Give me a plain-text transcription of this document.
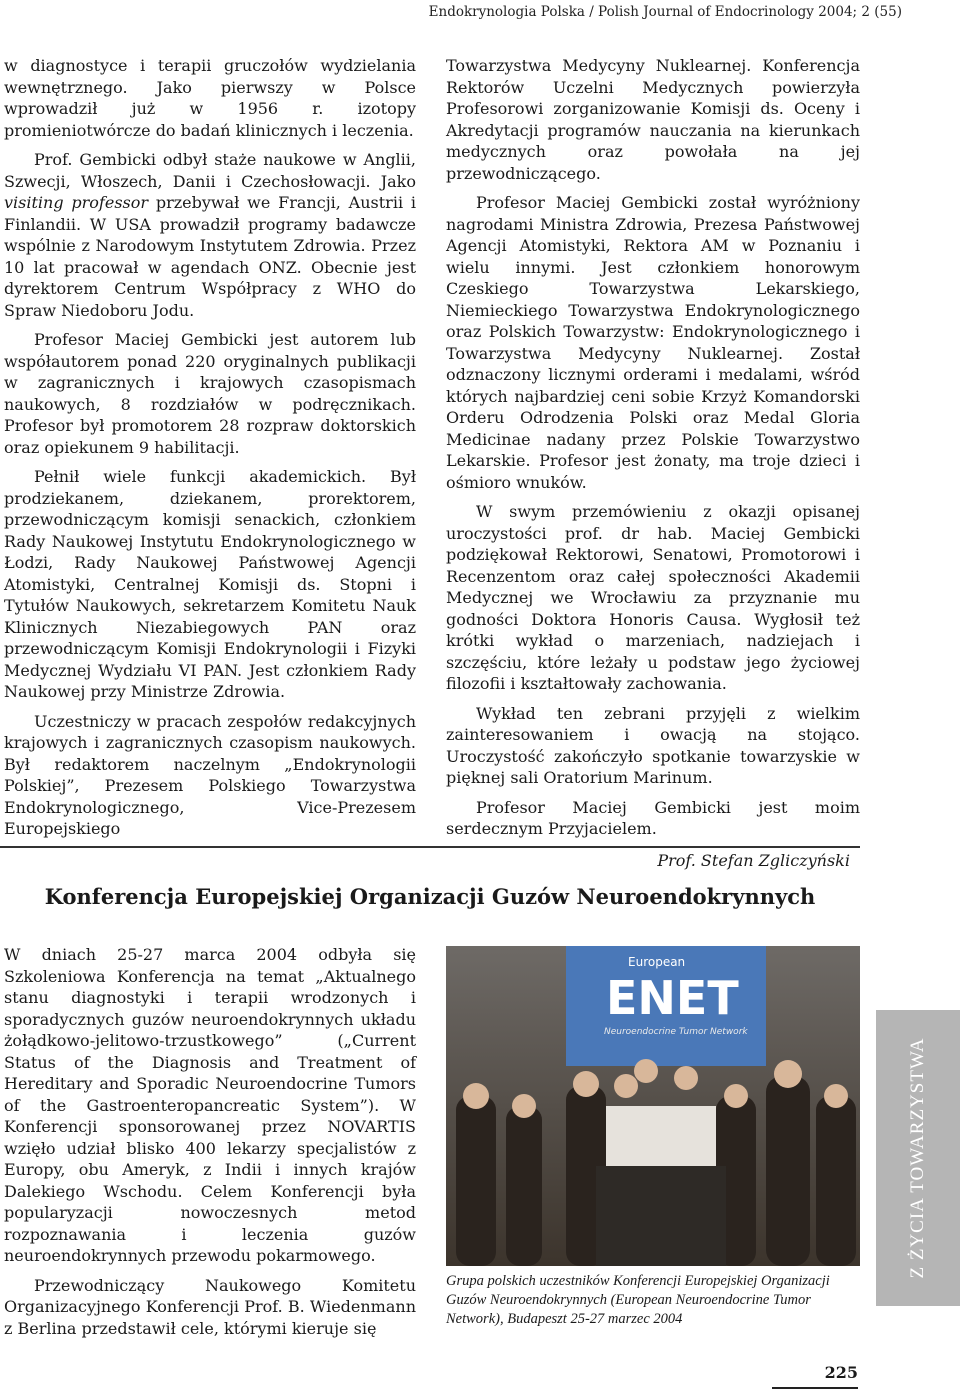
Endokrynologia Polska / Polish Journal of Endocrinology 2004; 2 (55)

w diagnostyce i terapii gruczołów wydzielania wewnętrznego. Jako pierwszy w Polsce wprowadził już w 1956 r. izotopy promieniotwórcze do badań klinicznych i leczenia.

Prof. Gembicki odbył staże naukowe w Anglii, Szwecji, Włoszech, Danii i Czechosłowacji. Jako visiting professor przebywał we Francji, Austrii i Finlandii. W USA prowadził programy badawcze wspólnie z Narodowym Instytutem Zdrowia. Przez 10 lat pracował w agendach ONZ. Obecnie jest dyrektorem Centrum Współpracy z WHO do Spraw Niedoboru Jodu.

Profesor Maciej Gembicki jest autorem lub współautorem ponad 220 oryginalnych publikacji w zagranicznych i krajowych czasopismach naukowych, 8 rozdziałów w podręcznikach. Profesor był promotorem 28 rozpraw doktorskich oraz opiekunem 9 habilitacji.

Pełnił wiele funkcji akademickich. Był prodziekanem, dziekanem, prorektorem, przewodniczącym komisji senackich, członkiem Rady Naukowej Instytutu Endokrynologicznego w Łodzi, Rady Naukowej Państwowej Agencji Atomistyki, Centralnej Komisji ds. Stopni i Tytułów Naukowych, sekretarzem Komitetu Nauk Klinicznych Niezabiegowych PAN oraz przewodniczącym Komisji Endokrynologii i Fizyki Medycznej Wydziału VI PAN. Jest członkiem Rady Naukowej przy Ministrze Zdrowia.

Uczestniczy w pracach zespołów redakcyjnych krajowych i zagranicznych czasopism naukowych. Był redaktorem naczelnym „Endokrynologii Polskiej”, Prezesem Polskiego Towarzystwa Endokrynologicznego, Vice-Prezesem Europejskiego

Towarzystwa Medycyny Nuklearnej. Konferencja Rektorów Uczelni Medycznych powierzyła Profesorowi zorganizowanie Komisji ds. Oceny i Akredytacji programów nauczania na kierunkach medycznych oraz powołała na jej przewodniczącego.

Profesor Maciej Gembicki został wyróżniony nagrodami Ministra Zdrowia, Prezesa Państwowej Agencji Atomistyki, Rektora AM w Poznaniu i wielu innymi. Jest członkiem honorowym Czeskiego Towarzystwa Lekarskiego, Niemieckiego Towarzystwa Endokrynologicznego oraz Polskich Towarzystw: Endokrynologicznego i Towarzystwa Medycyny Nuklearnej. Został odznaczony licznymi orderami i medalami, wśród których najbardziej ceni sobie Krzyż Komandorski Orderu Odrodzenia Polski oraz Medal Gloria Medicinae nadany przez Polskie Towarzystwo Lekarskie. Profesor jest żonaty, ma troje dzieci i ośmioro wnuków.

W swym przemówieniu z okazji opisanej uroczystości prof. dr hab. Maciej Gembicki podziękował Rektorowi, Senatowi, Promotorowi i Recenzentom oraz całej społeczności Akademii Medycznej we Wrocławiu za przyznanie mu godności Doktora Honoris Causa. Wygłosił też krótki wykład o marzeniach, nadziejach i szczęściu, które leżały u podstaw jego życiowej filozofii i kształtowały zachowania.

Wykład ten zebrani przyjęli z wielkim zainteresowaniem i owacją na stojąco. Uroczystość zakończyło spotkanie towarzyskie w pięknej sali Oratorium Marinum.

Profesor Maciej Gembicki jest moim serdecznym Przyjacielem.

Prof. Stefan Zgliczyński
Konferencja Europejskiej Organizacji Guzów Neuroendokrynnych

W dniach 25-27 marca 2004 odbyła się Szkoleniowa Konferencja na temat „Aktualnego stanu diagnostyki i terapii wrodzonych i sporadycznych guzów neuroendokrynnych układu żołądkowo-jelitowo-trzustkowego” („Current Status of the Diagnosis and Treatment of Hereditary and Sporadic Neuroendocrine Tumors of the Gastroenteropancreatic System”). W Konferencji sponsorowanej przez NOVARTIS wzięło udział blisko 400 lekarzy specjalistów z Europy, obu Ameryk, z Indii i innych krajów Dalekiego Wschodu. Celem Konferencji była popularyzacji nowoczesnych metod rozpoznawania i leczenia guzów neuroendokrynnych przewodu pokarmowego.

Przewodniczący Naukowego Komitetu Organizacyjnego Konferencji Prof. B. Wiedenmann z Berlina przedstawił cele, którymi kieruje się

European
ENET
Neuroendocrine Tumor Network
Grupa polskich uczestników Konferencji Europejskiej Organizacji Guzów Neuroendokrynnych (European Neuroendocrine Tumor Network), Budapeszt 25-27 marzec 2004
Z ŻYCIA TOWARZYSTWA
225
